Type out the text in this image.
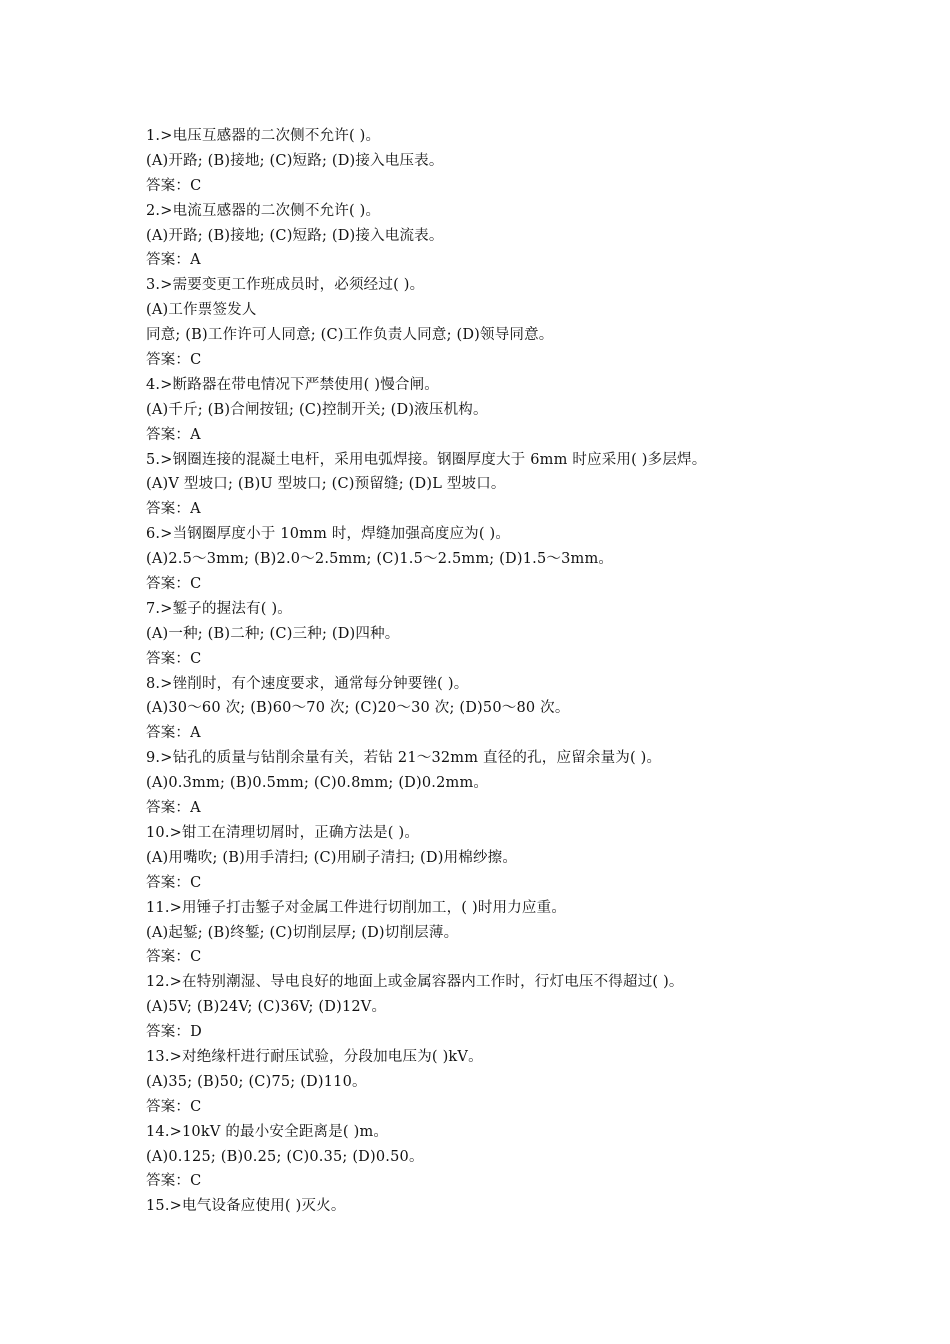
1.>电压互感器的二次侧不允许( )。
(A)开路; (B)接地; (C)短路; (D)接入电压表。
答案：C
2.>电流互感器的二次侧不允许( )。
(A)开路; (B)接地; (C)短路; (D)接入电流表。
答案：A
3.>需要变更工作班成员时，必须经过( )。
(A)工作票签发人
同意; (B)工作许可人同意; (C)工作负责人同意; (D)领导同意。
答案：C
4.>断路器在带电情况下严禁使用( )慢合闸。
(A)千斤; (B)合闸按钮; (C)控制开关; (D)液压机构。
答案：A
5.>钢圈连接的混凝土电杆，采用电弧焊接。钢圈厚度大于 6mm 时应采用( )多层焊。
(A)V 型坡口; (B)U 型坡口; (C)预留缝; (D)L 型坡口。
答案：A
6.>当钢圈厚度小于 10mm 时，焊缝加强高度应为( )。
(A)2.5～3mm; (B)2.0～2.5mm; (C)1.5～2.5mm; (D)1.5～3mm。
答案：C
7.>錾子的握法有( )。
(A)一种; (B)二种; (C)三种; (D)四种。
答案：C
8.>锉削时，有个速度要求，通常每分钟要锉( )。
(A)30～60 次; (B)60～70 次; (C)20～30 次; (D)50～80 次。
答案：A
9.>钻孔的质量与钻削余量有关，若钻 21～32mm 直径的孔，应留余量为( )。
(A)0.3mm; (B)0.5mm; (C)0.8mm; (D)0.2mm。
答案：A
10.>钳工在清理切屑时，正确方法是( )。
(A)用嘴吹; (B)用手清扫; (C)用刷子清扫; (D)用棉纱擦。
答案：C
11.>用锤子打击錾子对金属工件进行切削加工，( )时用力应重。
(A)起錾; (B)终錾; (C)切削层厚; (D)切削层薄。
答案：C
12.>在特别潮湿、导电良好的地面上或金属容器内工作时，行灯电压不得超过( )。
(A)5V; (B)24V; (C)36V; (D)12V。
答案：D
13.>对绝缘杆进行耐压试验，分段加电压为( )kV。
(A)35; (B)50; (C)75; (D)110。
答案：C
14.>10kV 的最小安全距离是( )m。
(A)0.125; (B)0.25; (C)0.35; (D)0.50。
答案：C
15.>电气设备应使用( )灭火。
